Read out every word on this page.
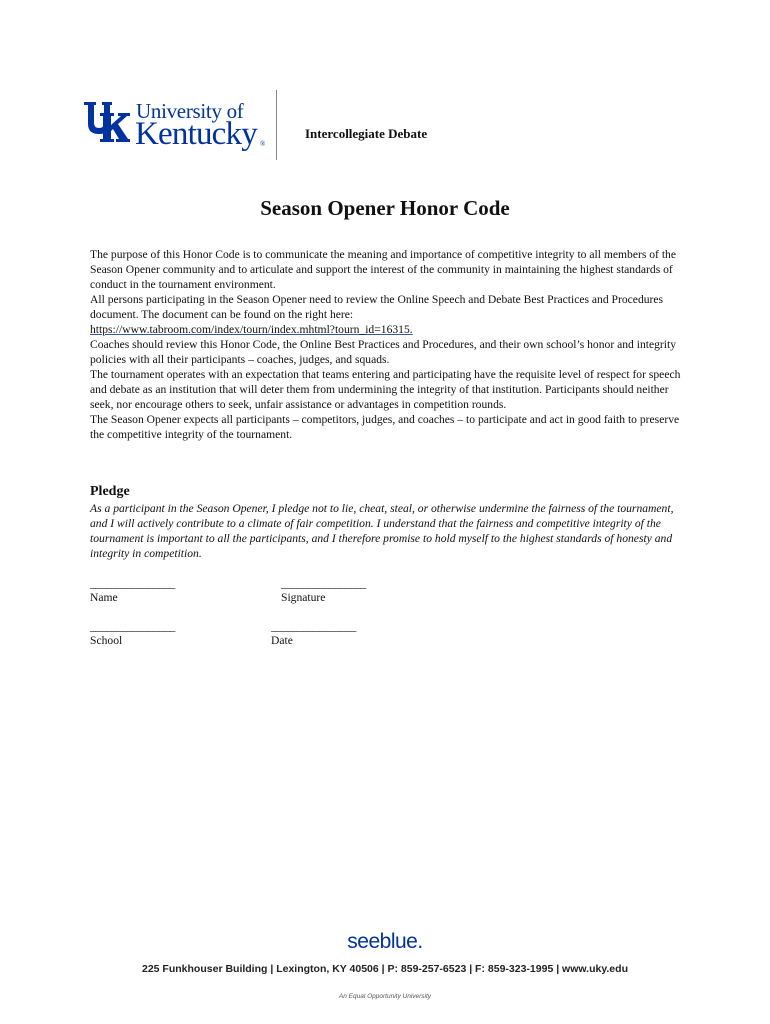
University of
Kentucky ®
Intercollegiate Debate
Season Opener Honor Code

The purpose of this Honor Code is to communicate the meaning and importance of competitive integrity to all members of the Season Opener community and to articulate and support the interest of the community in maintaining the highest standards of conduct in the tournament environment.

All persons participating in the Season Opener need to review the Online Speech and Debate Best Practices and Procedures document. The document can be found on the right here:
https://www.tabroom.com/index/tourn/index.mhtml?tourn_id=16315.

Coaches should review this Honor Code, the Online Best Practices and Procedures, and their own school’s honor and integrity policies with all their participants – coaches, judges, and squads.

The tournament operates with an expectation that teams entering and participating have the requisite level of respect for speech and debate as an institution that will deter them from undermining the integrity of that institution. Participants should neither seek, nor encourage others to seek, unfair assistance or advantages in competition rounds.

The Season Opener expects all participants – competitors, judges, and coaches – to participate and act in good faith to preserve the competitive integrity of the tournament.

Pledge
As a participant in the Season Opener, I pledge not to lie, cheat, steal, or otherwise undermine the fairness of the tournament, and I will actively contribute to a climate of fair competition. I understand that the fairness and competitive integrity of the tournament is important to all the participants, and I therefore promise to hold myself to the highest standards of honesty and integrity in competition.
________________
Name
________________
Signature
________________
School
________________
Date
seeblue.
225 Funkhouser Building | Lexington, KY 40506 | P: 859-257-6523 | F: 859-323-1995 | www.uky.edu
An Equal Opportunity University
